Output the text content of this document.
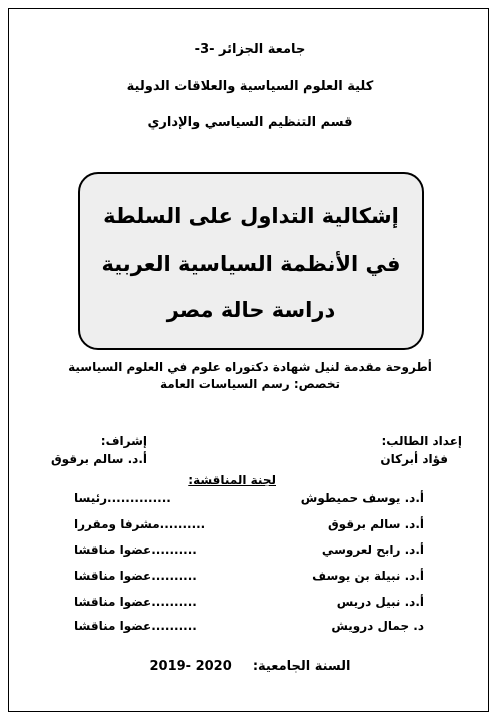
جامعة الجزائر -3-
كلية العلوم السياسية والعلاقات الدولية
قسم التنظيم السياسي والإداري
إشكالية التداول على السلطة
في الأنظمة السياسية العربية
دراسة حالة مصر
أطروحة مقدمة لنيل شهادة دكتوراه علوم في العلوم السياسية
تخصص: رسم السياسات العامة
إعداد الطالب:
فؤاد أبركان
إشراف:
أ.د. سالم برقوق
لجنة المناقشة:
أ.د. يوسف حميطوش
..............رئيسا
أ.د. سالم برقوق
..........مشرفا ومقررا
أ.د. رابح لعروسي
..........عضوا مناقشا
أ.د. نبيلة بن يوسف
..........عضوا مناقشا
أ.د. نبيل دريس
..........عضوا مناقشا
د. جمال درويش
..........عضوا مناقشا
السنة الجامعية:  2019- 2020
